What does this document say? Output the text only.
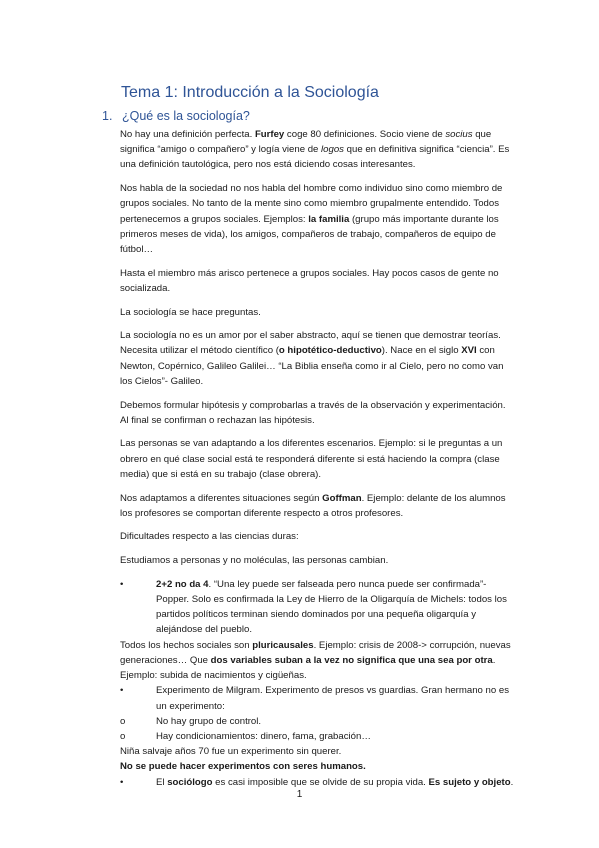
Tema 1: Introducción a la Sociología
1. ¿Qué es la sociología?

No hay una definición perfecta. Furfey coge 80 definiciones. Socio viene de socius que significa “amigo o compañero” y logía viene de logos que en definitiva significa “ciencia”. Es una definición tautológica, pero nos está diciendo cosas interesantes.

Nos habla de la sociedad no nos habla del hombre como individuo sino como miembro de grupos sociales. No tanto de la mente sino como miembro grupalmente entendido. Todos pertenecemos a grupos sociales. Ejemplos: la familia (grupo más importante durante los primeros meses de vida), los amigos, compañeros de trabajo, compañeros de equipo de fútbol…

Hasta el miembro más arisco pertenece a grupos sociales. Hay pocos casos de gente no socializada.

La sociología se hace preguntas.

La sociología no es un amor por el saber abstracto, aquí se tienen que demostrar teorías. Necesita utilizar el método científico (o hipotético-deductivo). Nace en el siglo XVI con Newton, Copérnico, Galileo Galilei… “La Biblia enseña como ir al Cielo, pero no como van los Cielos”- Galileo.

Debemos formular hipótesis y comprobarlas a través de la observación y experimentación. Al final se confirman o rechazan las hipótesis.

Las personas se van adaptando a los diferentes escenarios. Ejemplo: si le preguntas a un obrero en qué clase social está te responderá diferente si está haciendo la compra (clase media) que si está en su trabajo (clase obrera).

Nos adaptamos a diferentes situaciones según Goffman. Ejemplo: delante de los alumnos los profesores se comportan diferente respecto a otros profesores.

Dificultades respecto a las ciencias duras:

Estudiamos a personas y no moléculas, las personas cambian.

•	2+2 no da 4. “Una ley puede ser falseada pero nunca puede ser confirmada”- Popper. Solo es confirmada la Ley de Hierro de la Oligarquía de Michels: todos los partidos políticos terminan siendo dominados por una pequeña oligarquía y alejándose del pueblo.

Todos los hechos sociales son pluricausales. Ejemplo: crisis de 2008-> corrupción, nuevas generaciones… Que dos variables suban a la vez no significa que una sea por otra. Ejemplo: subida de nacimientos y cigüeñas.

•	Experimento de Milgram. Experimento de presos vs guardias. Gran hermano no es un experimento:

o	No hay grupo de control.

o	Hay condicionamientos: dinero, fama, grabación…

Niña salvaje años 70 fue un experimento sin querer.

No se puede hacer experimentos con seres humanos.

•	El sociólogo es casi imposible que se olvide de su propia vida. Es sujeto y objeto.

1
